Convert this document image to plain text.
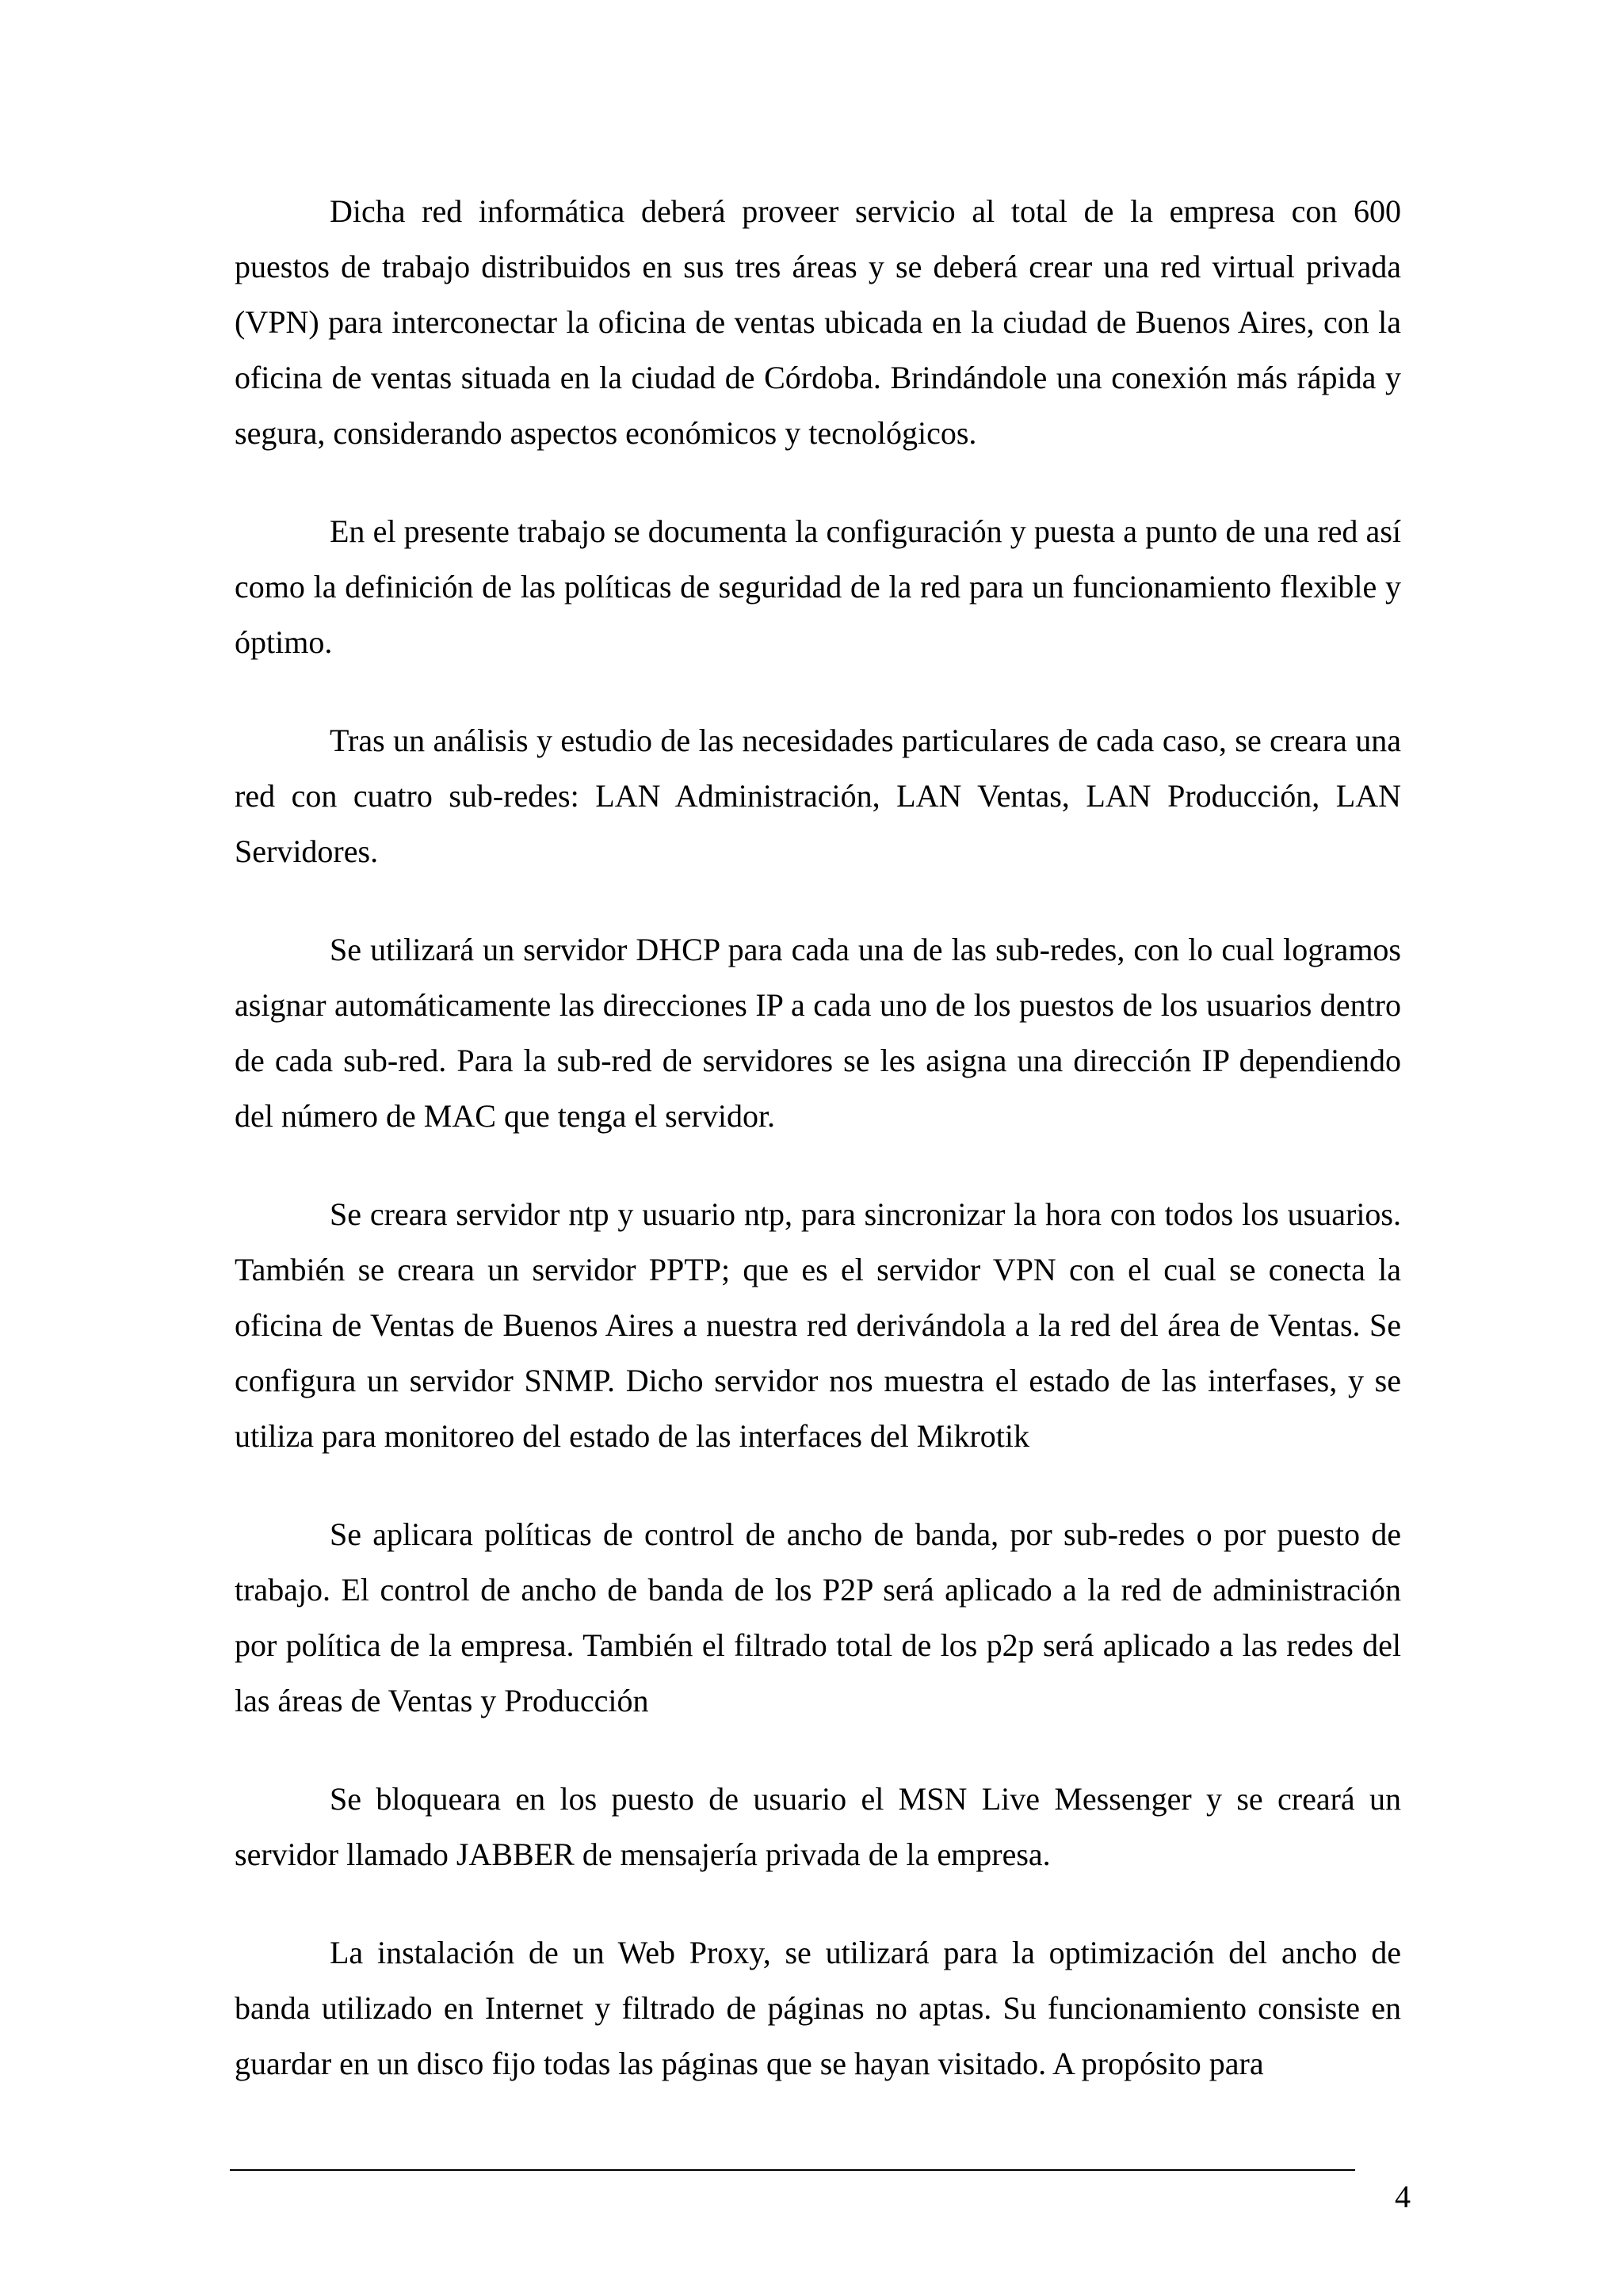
Dicha red informática deberá proveer servicio al total de la empresa con 600 puestos de trabajo distribuidos en sus tres áreas y se deberá crear una red virtual privada (VPN) para interconectar la oficina de ventas ubicada en la ciudad de Buenos Aires, con la oficina de ventas situada en la ciudad de Córdoba. Brindándole una conexión más rápida y segura, considerando aspectos económicos y tecnológicos.

En el presente trabajo se documenta la configuración y puesta a punto de una red así como la definición de las políticas de seguridad de la red para un funcionamiento flexible y óptimo.

Tras un análisis y estudio de las necesidades particulares de cada caso, se creara una red con cuatro sub-redes: LAN Administración, LAN Ventas, LAN Producción, LAN Servidores.

Se utilizará un servidor DHCP para cada una de las sub-redes, con lo cual logramos asignar automáticamente las direcciones IP a cada uno de los puestos de los usuarios dentro de cada sub-red. Para la sub-red de servidores se les asigna una dirección IP dependiendo del número de MAC que tenga el servidor.

Se creara servidor ntp y usuario ntp, para sincronizar la hora con todos los usuarios. También se creara un servidor PPTP; que es el servidor VPN con el cual se conecta la oficina de Ventas de Buenos Aires a nuestra red derivándola a la red del área de Ventas. Se configura un servidor SNMP. Dicho servidor nos muestra el estado de las interfases, y se utiliza para monitoreo del estado de las interfaces del Mikrotik

Se aplicara políticas de control de ancho de banda, por sub-redes o por puesto de trabajo. El control de ancho de banda de los P2P será aplicado a la red de administración por política de la empresa. También el filtrado total de los p2p será aplicado a las redes del las áreas de Ventas y Producción

Se bloqueara en los puesto de usuario el MSN Live Messenger y se creará un servidor llamado JABBER de mensajería privada de la empresa.

La instalación de un Web Proxy, se utilizará para la optimización del ancho de banda utilizado en Internet y filtrado de páginas no aptas. Su funcionamiento consiste en guardar en un disco fijo todas las páginas que se hayan visitado. A propósito para

4
